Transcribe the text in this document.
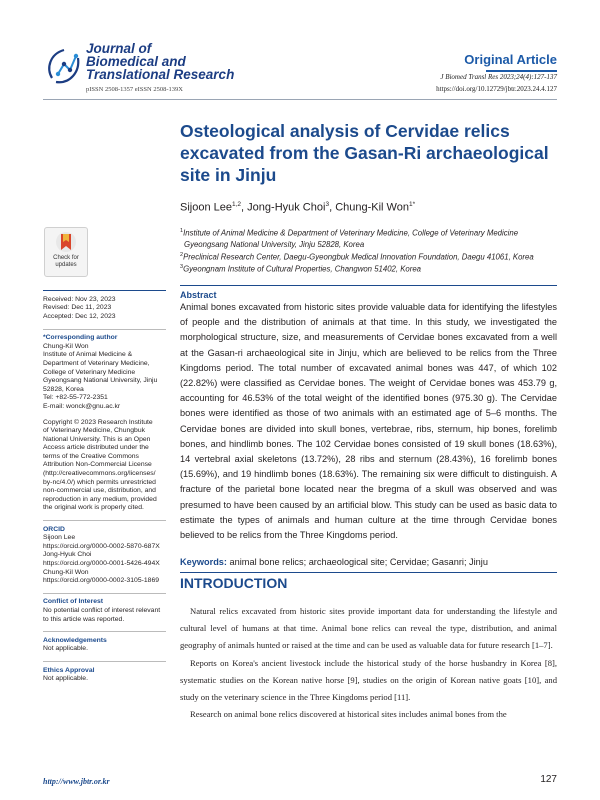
Journal of
Biomedical and
Translational Research
pISSN 2508-1357 eISSN 2508-139X
Original Article
J Biomed Transl Res 2023;24(4):127-137
https://doi.org/10.12729/jbtr.2023.24.4.127
Osteological analysis of Cervidae relics excavated from the Gasan-Ri archaeological site in Jinju
Sijoon Lee$^{1,2}$, Jong-Hyuk Choi$^3$, Chung-Kil Won$^{1*}$
$^1$Institute of Animal Medicine & Department of Veterinary Medicine, College of Veterinary Medicine
Gyeongsang National University, Jinju 52828, Korea
$^2$Preclinical Research Center, Daegu-Gyeongbuk Medical Innovation Foundation, Daegu 41061, Korea
$^3$Gyeongnam Institute of Cultural Properties, Changwon 51402, Korea
Check for
updates
Received: Nov 23, 2023
Revised: Dec 11, 2023
Accepted: Dec 12, 2023
*Corresponding author
Chung-Kil Won
Institute of Animal Medicine &
Department of Veterinary Medicine,
College of Veterinary Medicine
Gyeongsang National University, Jinju
52828, Korea
Tel: +82-55-772-2351
E-mail: wonck@gnu.ac.kr
Copyright © 2023 Research Institute
of Veterinary Medicine, Chungbuk
National University. This is an Open
Access article distributed under the
terms of the Creative Commons
Attribution Non-Commercial License
(http://creativecommons.org/licenses/
by-nc/4.0/) which permits unrestricted
non-commercial use, distribution, and
reproduction in any medium, provided
the original work is properly cited.
ORCID
Sijoon Lee
https://orcid.org/0000-0002-5870-687X
Jong-Hyuk Choi
https://orcid.org/0000-0001-5426-494X
Chung-Kil Won
https://orcid.org/0000-0002-3105-1869
Conflict of Interest
No potential conflict of interest relevant
to this article was reported.
Acknowledgements
Not applicable.
Ethics Approval
Not applicable.
Abstract
Animal bones excavated from historic sites provide valuable data for identifying the lifestyles of people and the distribution of animals at that time. In this study, we investigated the morphological structure, size, and measurements of Cervidae bones excavated from a well at the Gasan-ri archaeological site in Jinju, which are believed to be relics from the Three Kingdoms period. The total number of excavated animal bones was 447, of which 102 (22.82%) were classified as Cervidae bones. The weight of Cervidae bones was 453.79 g, accounting for 46.53% of the total weight of the identified bones (975.30 g). The Cervidae bones were identified as those of two animals with an estimated age of 5–6 months. The Cervidae bones are divided into skull bones, vertebrae, ribs, sternum, hip bones, forelimb bones, and hindlimb bones. The 102 Cervidae bones consisted of 19 skull bones (18.63%), 14 vertebral axial skeletons (13.72%), 28 ribs and sternum (28.43%), 16 forelimb bones (15.69%), and 19 hindlimb bones (18.63%). The remaining six were difficult to distinguish. A fracture of the parietal bone located near the bregma of a skull was observed and was presumed to have been caused by an artificial blow. This study can be used as basic data to estimate the types of animals and human culture at the time through Cervidae bones believed to be relics from the Three Kingdoms period.
Keywords: animal bone relics; archaeological site; Cervidae; Gasanri; Jinju
INTRODUCTION

Natural relics excavated from historic sites provide important data for understanding the lifestyle and cultural level of humans at that time. Animal bone relics can reveal the type, distribution, and animal geography of animals hunted or raised at the time and can be used as valuable data for future research [1–7].

Reports on Korea's ancient livestock include the historical study of the horse husbandry in Korea [8], systematic studies on the Korean native horse [9], studies on the origin of Korean native goats [10], and study on the veterinary science in the Three Kingdoms period [11].

Research on animal bone relics discovered at historical sites includes animal bones from the

http://www.jbtr.or.kr	127
